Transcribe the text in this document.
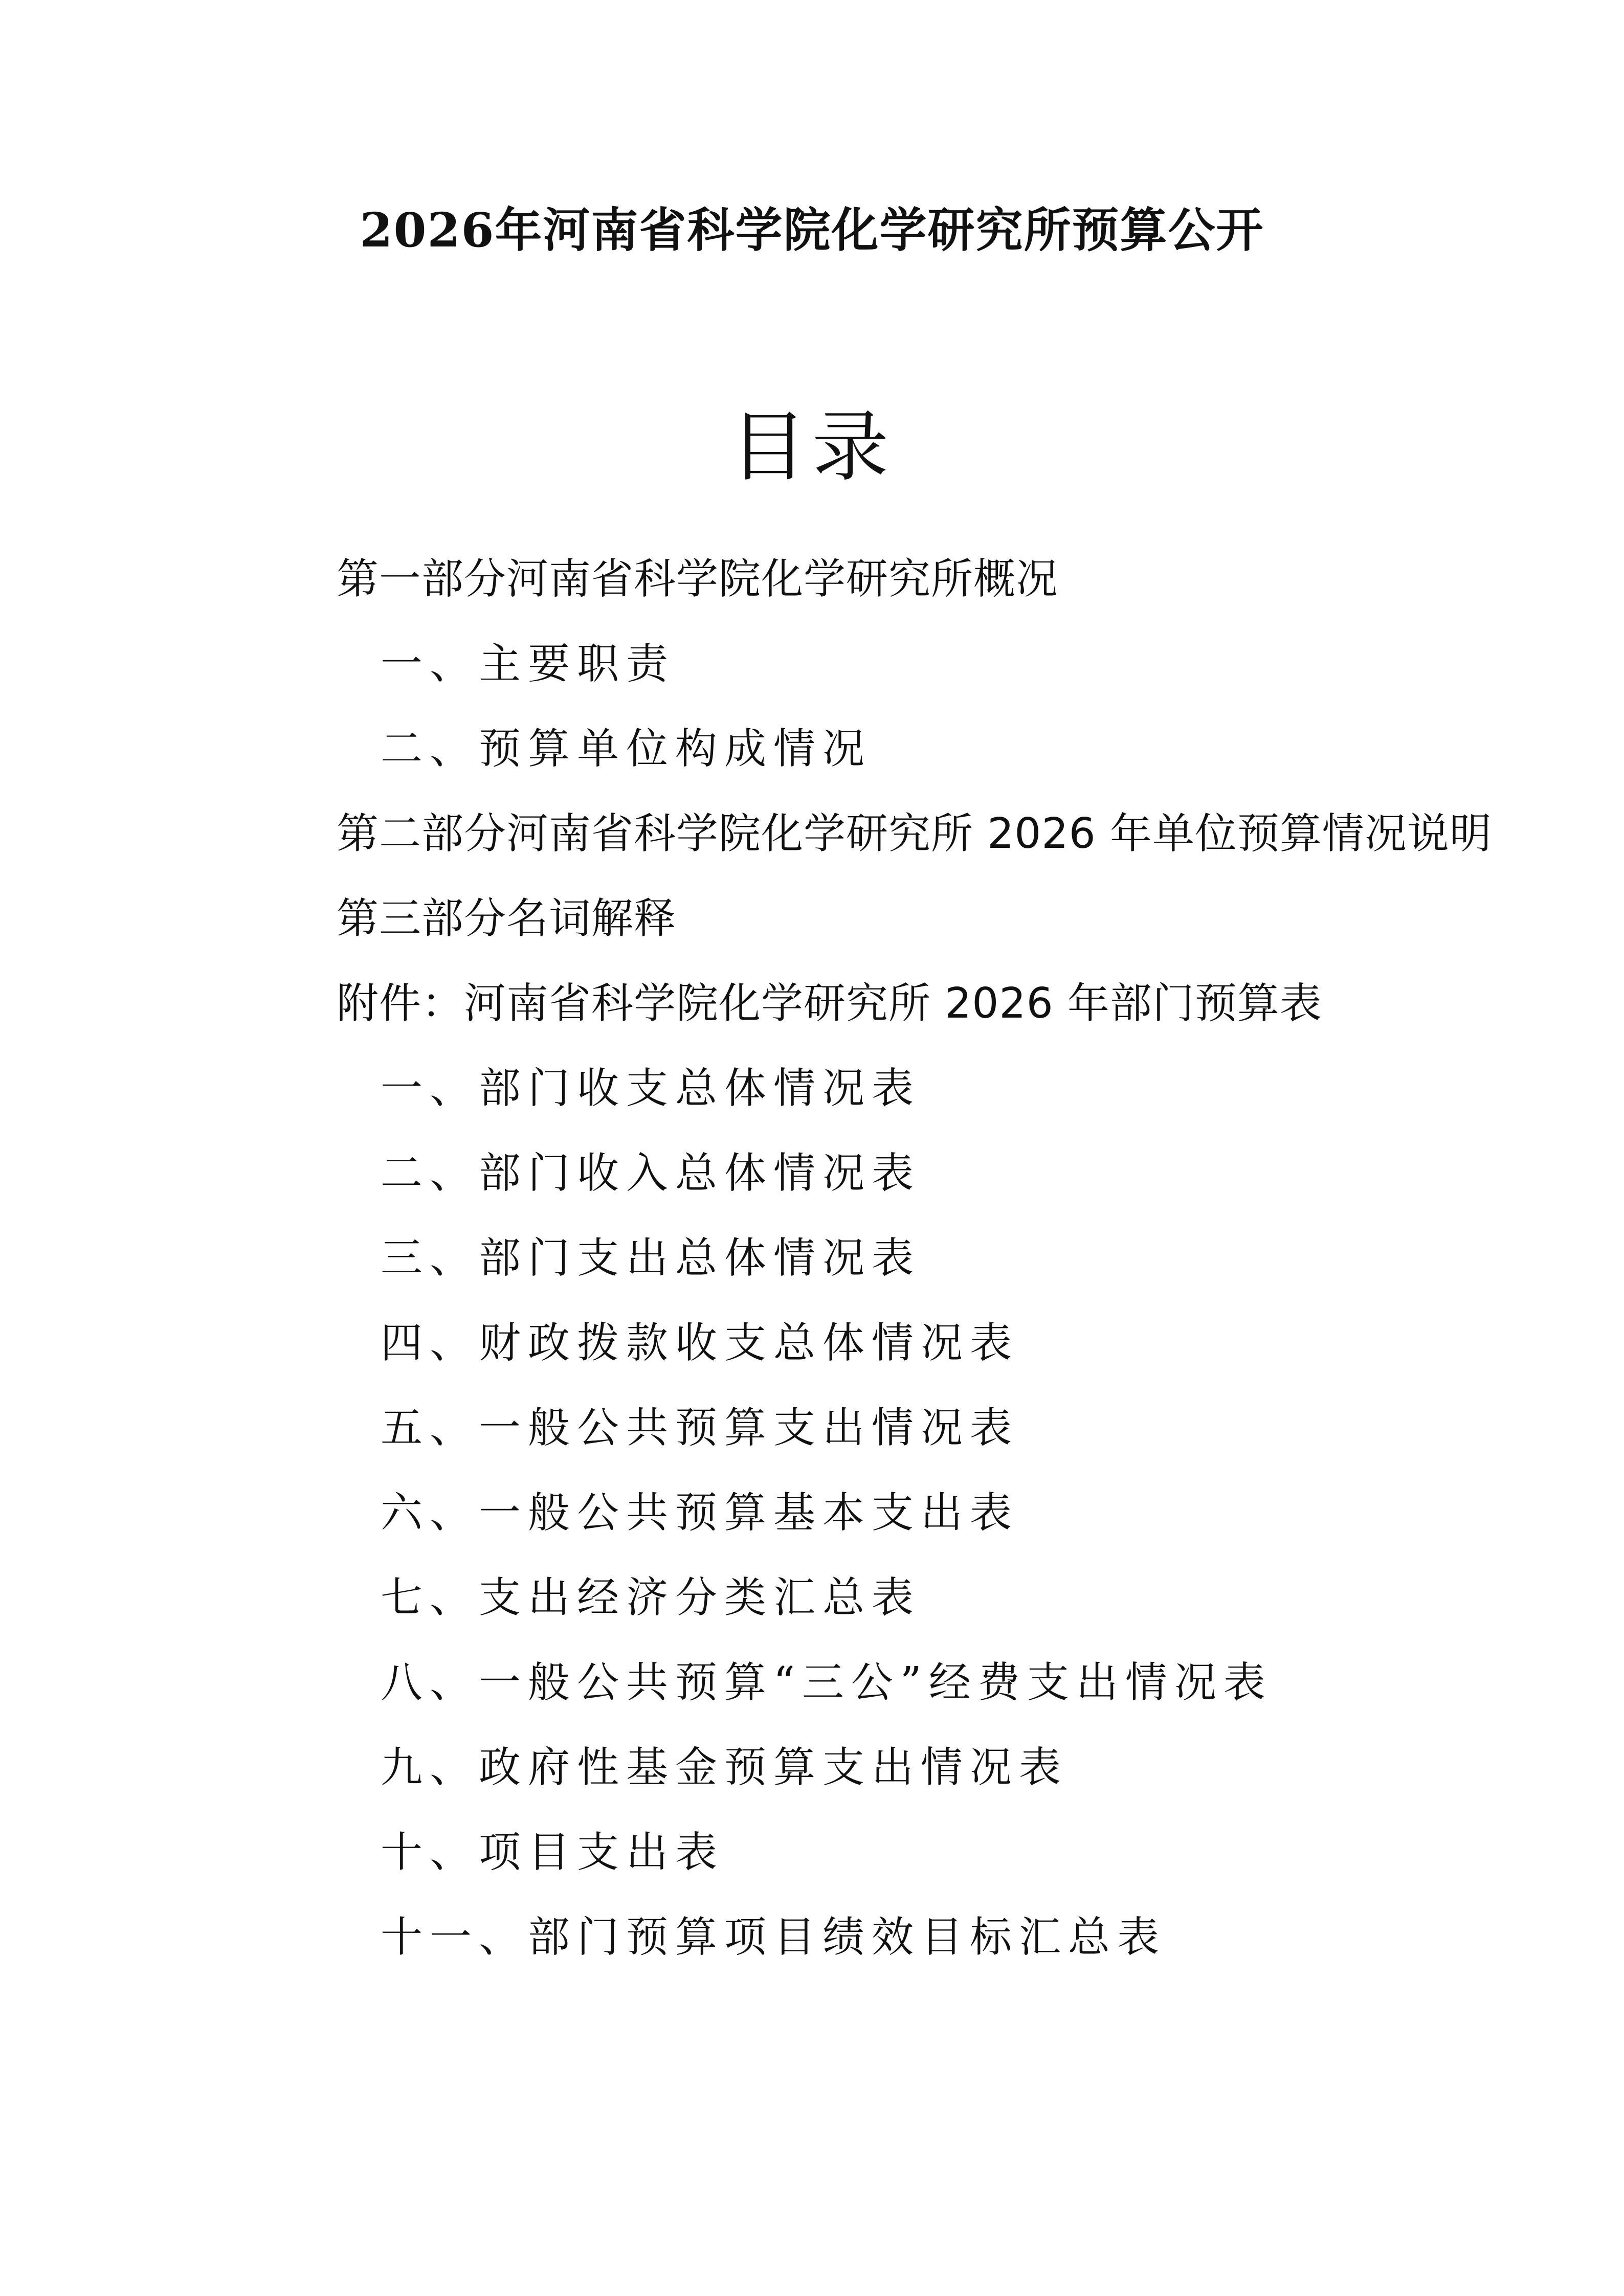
2026年河南省科学院化学研究所预算公开
目录
第一部分河南省科学院化学研究所概况
一、主要职责
二、预算单位构成情况
第二部分河南省科学院化学研究所 2026 年单位预算情况说明
第三部分名词解释
附件：河南省科学院化学研究所 2026 年部门预算表
一、部门收支总体情况表
二、部门收入总体情况表
三、部门支出总体情况表
四、财政拨款收支总体情况表
五、一般公共预算支出情况表
六、一般公共预算基本支出表
七、支出经济分类汇总表
八、一般公共预算“三公”经费支出情况表
九、政府性基金预算支出情况表
十、项目支出表
十一、部门预算项目绩效目标汇总表
